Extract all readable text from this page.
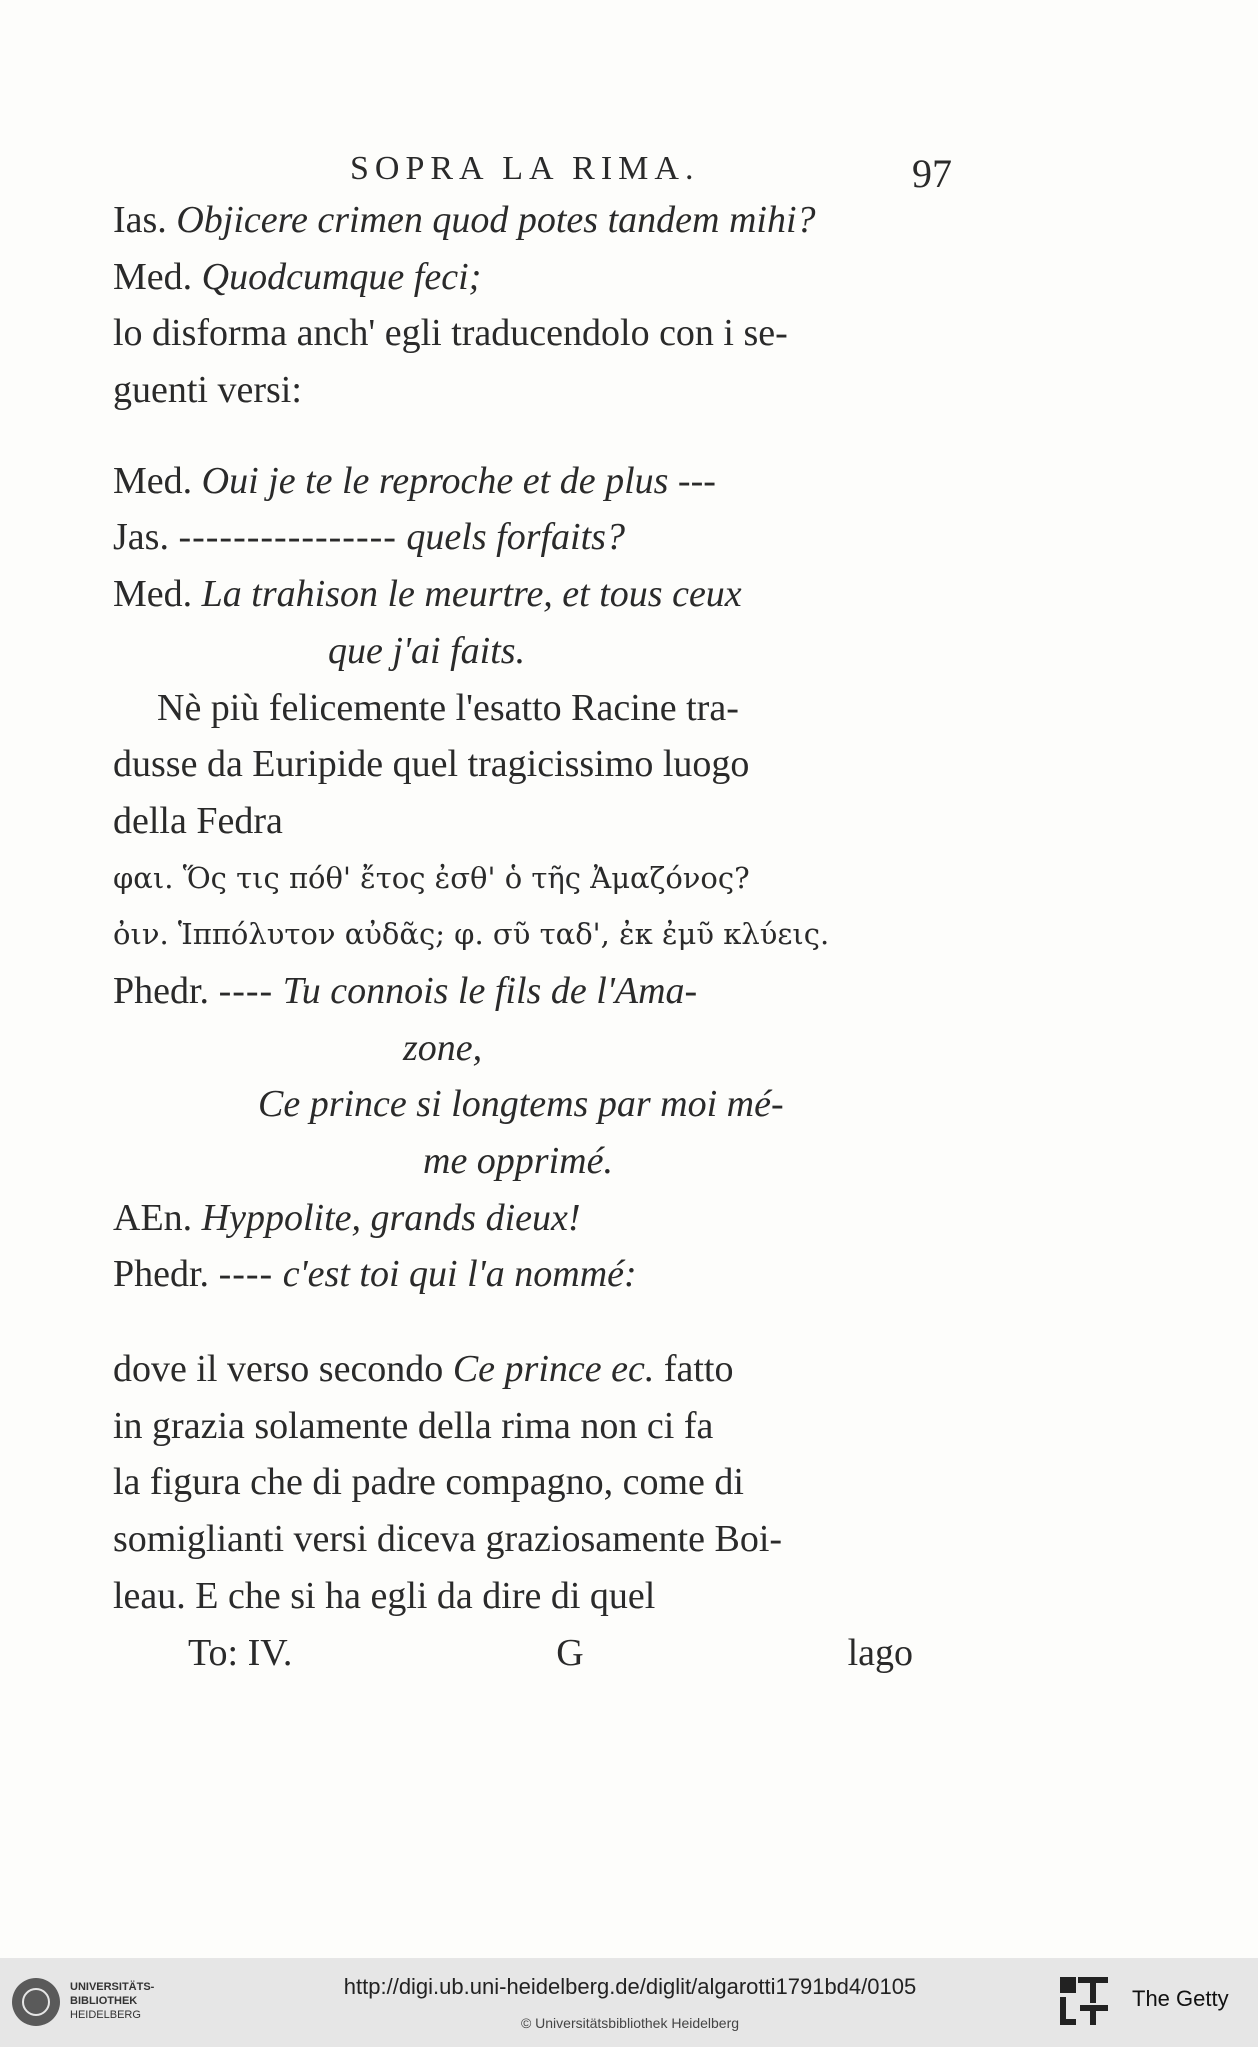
SOPRA LA RIMA.	97
Ias. Objicere crimen quod potes tandem mihi?
Med. Quodcumque feci;
lo disforma anch' egli traducendolo con i se-
guenti versi:
Med. Oui je te le reproche et de plus ---
Jas. ---------------- quels forfaits?
Med. La trahison le meurtre, et tous ceux
que j'ai faits.
Nè più felicemente l'esatto Racine tra-
dusse da Euripide quel tragicissimo luogo
della Fedra
φαι. Ὅς τις πόθ' ἔτος ἐσθ' ὁ τῆς Ἀμαζόνος?
ὀιν. Ἱππόλυτον αὐδᾶς; φ. σῦ ταδ', ἐκ ἐμῦ κλύεις.
Phedr. ---- Tu connois le fils de l'Ama-
zone,
Ce prince si longtems par moi mé-
me opprimé.
AEn. Hyppolite, grands dieux!
Phedr. ---- c'est toi qui l'a nommé:
dove il verso secondo Ce prince ec. fatto
in grazia solamente della rima non ci fa
la figura che di padre compagno, come di
somiglianti versi diceva graziosamente Boi-
leau. E che si ha egli da dire di quel
To: IV.	G	lago
UNIVERSITÄTS-
BIBLIOTHEK
HEIDELBERG
http://digi.ub.uni-heidelberg.de/diglit/algarotti1791bd4/0105
© Universitätsbibliothek Heidelberg
The Getty
